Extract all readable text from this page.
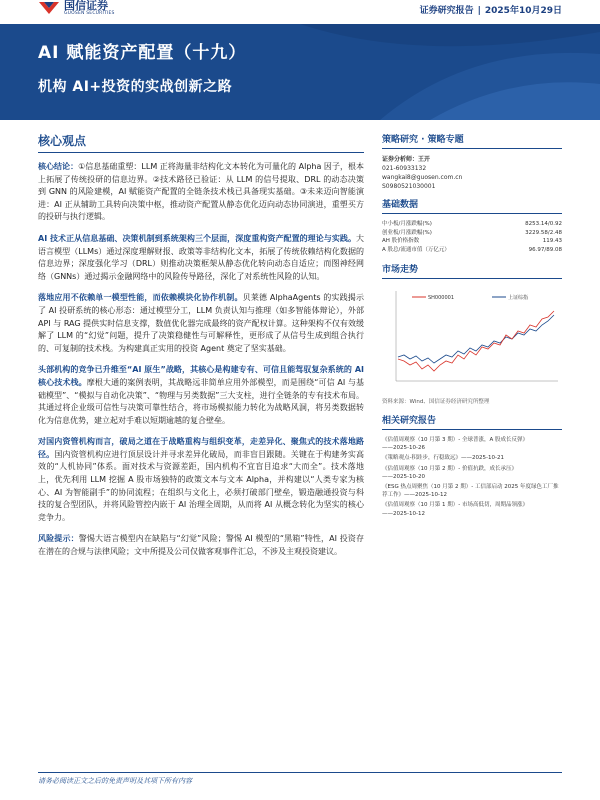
国信证券
GUOSEN SECURITIES	证券研究报告 | 2025年10月29日
AI 赋能资产配置（十九）
机构 AI+投资的实战创新之路
核心观点

核心结论：①信息基础重塑：LLM 正将海量非结构化文本转化为可量化的 Alpha 因子，根本上拓展了传统投研的信息边界。②技术路径已验证：从 LLM 的信号提取、DRL 的动态决策到 GNN 的风险建模，AI 赋能资产配置的全链条技术栈已具备现实基础。③未来迈向智能演进：AI 正从辅助工具转向决策中枢，推动资产配置从静态优化迈向动态协同演进，重塑买方的投研与执行逻辑。

AI 技术正从信息基础、决策机制到系统架构三个层面，深度重构资产配置的理论与实践。大语言模型（LLMs）通过深度理解财报、政策等非结构化文本，拓展了传统依赖结构化数据的信息边界；深度强化学习（DRL）则推动决策框架从静态优化转向动态自适应；而图神经网络（GNNs）通过揭示金融网络中的风险传导路径，深化了对系统性风险的认知。

落地应用不依赖单一模型性能，而依赖模块化协作机制。贝莱德 AlphaAgents 的实践揭示了 AI 投研系统的核心形态：通过模型分工，LLM 负责认知与推理（如多智能体辩论），外部 API 与 RAG 提供实时信息支撑，数值优化器完成最终的资产配权计算。这种架构不仅有效缓解了 LLM 的“幻觉”问题，提升了决策稳健性与可解释性，更形成了从信号生成到组合执行的、可复制的技术栈。为构建真正实用的投资 Agent 奠定了坚实基础。

头部机构的竞争已升维至“AI 原生”战略，其核心是构建专有、可信且能驾驭复杂系统的 AI 核心技术栈。摩根大通的案例表明，其战略远非简单应用外部模型，而是围绕“可信 AI 与基础模型”、“模拟与自动化决策”、“物理与另类数据”三大支柱，进行全链条的专有技术布局。其通过将企业级可信性与决策可靠性结合，将市场模拟能力转化为战略风洞，将另类数据转化为信息优势，建立起对手难以短期逾越的复合壁垒。

对国内资管机构而言，破局之道在于战略重构与组织变革，走差异化、聚焦式的技术落地路径。国内资管机构应进行顶层设计并寻求差异化破局，而非盲目跟随。关键在于构建务实高效的“人机协同”体系。面对技术与资源差距，国内机构不宜盲目追求“大而全”。技术落地上，优先利用 LLM 挖掘 A 股市场独特的政策文本与文本 Alpha，并构建以“人类专家为核心、AI 为智能副手”的协同流程；在组织与文化上，必须打破部门壁垒，锻造融通投资与科技的复合型团队，并将风险管控内嵌于 AI 治理全周期，从而将 AI 从概念转化为坚实的核心竞争力。

风险提示：警惕大语言模型内在缺陷与“幻觉”风险；警惕 AI 模型的“黑箱”特性，AI 投资存在潜在的合规与法律风险；文中所提及公司仅做客观事件汇总，不涉及主观投资建议。

策略研究 · 策略专题
证券分析师：王开
021-60933132
wangkai8@guosen.com.cn
S0980521030001
基础数据
中小板/月涨跌幅(%)	8253.14/0.92
创业板/月涨跌幅(%)	3229.58/2.48
AH 股价格指数	119.43
A 股总/流通市值（万亿元）	96.97/89.08
市场走势
SH000001	上证综指
资料来源：Wind、国信证券经济研究所整理
相关研究报告
《估值周观察（10 月第 3 期）- 全球普涨，A 股成长反弹》
——2025-10-26
《策略观点-积跬步，行稳致远》——2025-10-21
《估值周观察（10 月第 2 期）- 价值抗跌，成长承压》
——2025-10-20
《ESG 热点周聚焦（10 月第 2 期）- 工信部启动 2025 年度绿色工厂推荐工作》——2025-10-12
《估值周观察（10 月第 1 期）- 市场高低切，周期品领涨》
——2025-10-12
请务必阅读正文之后的免责声明及其项下所有内容
